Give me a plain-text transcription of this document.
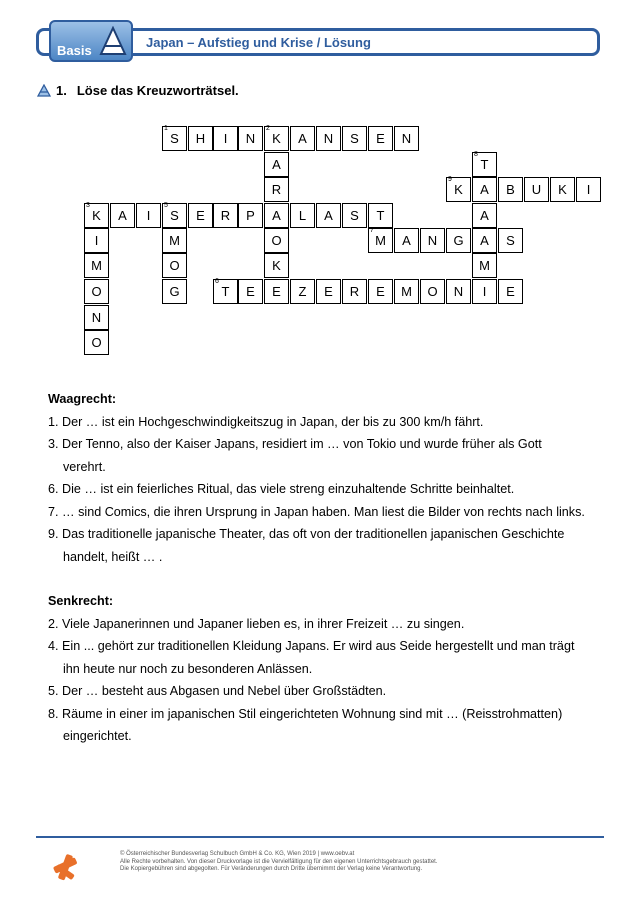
Basis
Japan – Aufstieg und Krise / Lösung
1. Löse das Kreuzworträtsel.
1
S H I N
2
K A N S E N
A
R
3
K A I
5
S E R P A L A S T
O
K
I
M
O
N
O
M
O
G
6
T E E Z E R E M O N I E
7
M A N G A S
8
T
A
M
9
K A B U K I
Waagrecht:
1. Der … ist ein Hochgeschwindigkeitszug in Japan, der bis zu 300 km/h fährt.
3. Der Tenno, also der Kaiser Japans, residiert im … von Tokio und wurde früher als Gott
verehrt.
6. Die … ist ein feierliches Ritual, das viele streng einzuhaltende Schritte beinhaltet.
7. … sind Comics, die ihren Ursprung in Japan haben. Man liest die Bilder von rechts nach links.
9. Das traditionelle japanische Theater, das oft von der traditionellen japanischen Geschichte
handelt, heißt … .
Senkrecht:
2. Viele Japanerinnen und Japaner lieben es, in ihrer Freizeit … zu singen.
4. Ein ... gehört zur traditionellen Kleidung Japans. Er wird aus Seide hergestellt und man trägt
ihn heute nur noch zu besonderen Anlässen.
5. Der … besteht aus Abgasen und Nebel über Großstädten.
8. Räume in einer im japanischen Stil eingerichteten Wohnung sind mit … (Reisstrohmatten)
eingerichtet.
© Österreichischer Bundesverlag Schulbuch GmbH & Co. KG, Wien 2019 | www.oebv.at
Alle Rechte vorbehalten. Von dieser Druckvorlage ist die Vervielfältigung für den eigenen Unterrichtsgebrauch gestattet.
Die Kopiergebühren sind abgegolten. Für Veränderungen durch Dritte übernimmt der Verlag keine Verantwortung.
